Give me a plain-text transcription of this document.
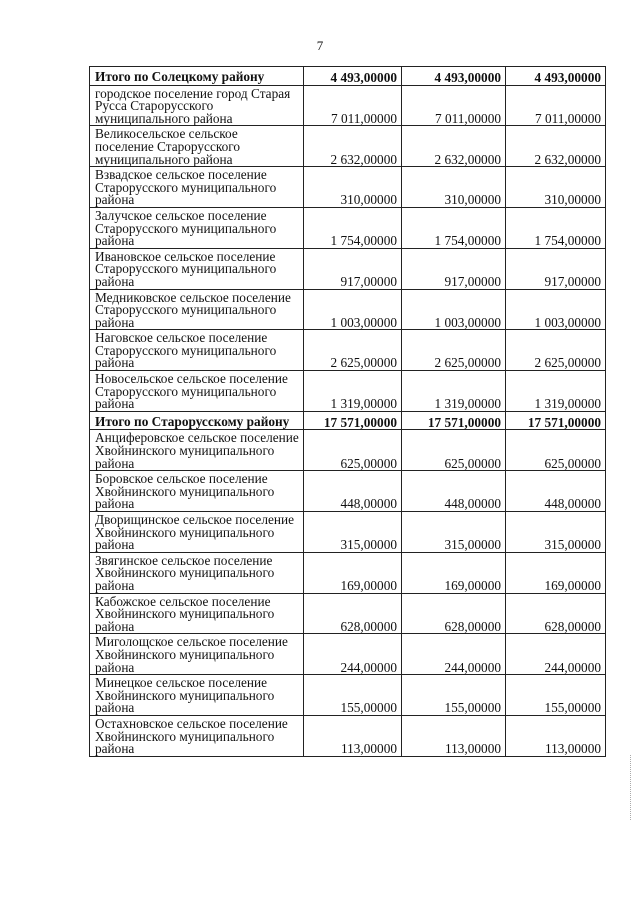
7
Итого по Солецкому району	4 493,00000	4 493,00000	4 493,00000
городское поселение город Старая Русса Старорусского муниципального района	7 011,00000	7 011,00000	7 011,00000
Великосельское сельское поселение Старорусского муниципального района	2 632,00000	2 632,00000	2 632,00000
Взвадское сельское поселение Старорусского муниципального района	310,00000	310,00000	310,00000
Залучское сельское поселение Старорусского муниципального района	1 754,00000	1 754,00000	1 754,00000
Ивановское сельское поселение Старорусского муниципального района	917,00000	917,00000	917,00000
Медниковское сельское поселение Старорусского муниципального района	1 003,00000	1 003,00000	1 003,00000
Наговское сельское поселение Старорусского муниципального района	2 625,00000	2 625,00000	2 625,00000
Новосельское сельское поселение Старорусского муниципального района	1 319,00000	1 319,00000	1 319,00000
Итого по Старорусскому району	17 571,00000	17 571,00000	17 571,00000
Анциферовское сельское поселение Хвойнинского муниципального района	625,00000	625,00000	625,00000
Боровское сельское поселение Хвойнинского муниципального района	448,00000	448,00000	448,00000
Дворищинское сельское поселение Хвойнинского муниципального района	315,00000	315,00000	315,00000
Звягинское сельское поселение Хвойнинского муниципального района	169,00000	169,00000	169,00000
Кабожское сельское поселение Хвойнинского муниципального района	628,00000	628,00000	628,00000
Миголощское сельское поселение Хвойнинского муниципального района	244,00000	244,00000	244,00000
Минецкое сельское поселение Хвойнинского муниципального района	155,00000	155,00000	155,00000
Остахновское сельское поселение Хвойнинского муниципального района	113,00000	113,00000	113,00000
